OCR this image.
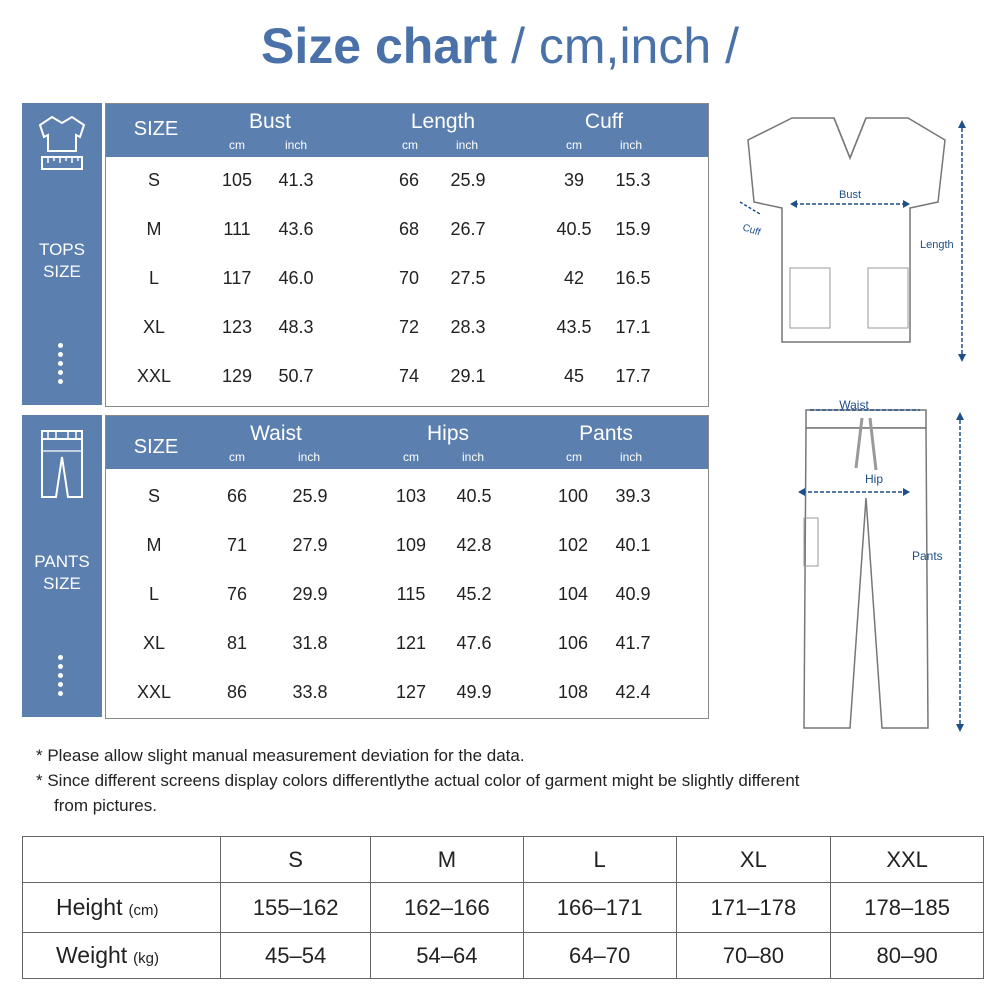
Size chart / cm,inch /
TOPS
SIZE
SIZE	Bust	Length	Cuff
cm	inch	cm	inch	cm	inch
S	105	41.3	66	25.9	39	15.3
M	111	43.6	68	26.7	40.5	15.9
L	117	46.0	70	27.5	42	16.5
XL	123	48.3	72	28.3	43.5	17.1
XXL	129	50.7	74	29.1	45	17.7
PANTS
SIZE
SIZE
Waist	Hips	Pants
cm	inch	cm	inch	cm	inch
S	66	25.9	103	40.5	100	39.3
M	71	27.9	109	42.8	102	40.1
L	76	29.9	115	45.2	104	40.9
XL	81	31.8	121	47.6	106	41.7
XXL	86	33.8	127	49.9	108	42.4
Bust
Cuff
Length
Waist
Hip
Pants
* Please allow slight manual measurement deviation for the data.
* Since different screens display colors differentlythe actual color of garment might be slightly different
from pictures.
	S	M	L	XL	XXL
Height (cm)	155–162	162–166	166–171	171–178	178–185
Weight (kg)	45–54	54–64	64–70	70–80	80–90
